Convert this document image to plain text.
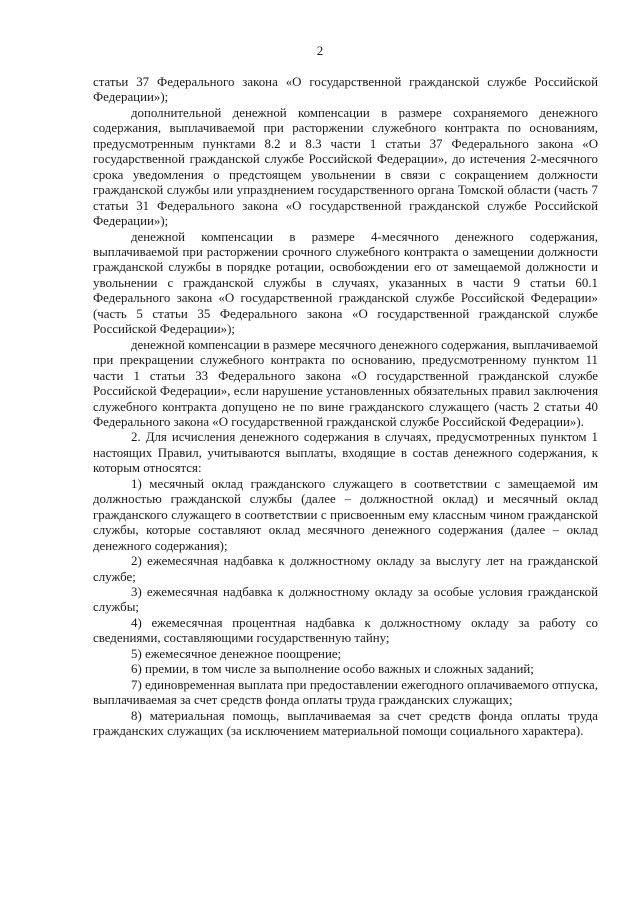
2

статьи 37 Федерального закона «О государственной гражданской службе Российской Федерации»);

дополнительной денежной компенсации в размере сохраняемого денежного содержания, выплачиваемой при расторжении служебного контракта по основаниям, предусмотренным пунктами 8.2 и 8.3 части 1 статьи 37 Федерального закона «О государственной гражданской службе Российской Федерации», до истечения 2-месячного срока уведомления о предстоящем увольнении в связи с сокращением должности гражданской службы или упразднением государственного органа Томской области (часть 7 статьи 31 Федерального закона «О государственной гражданской службе Российской Федерации»);

денежной компенсации в размере 4-месячного денежного содержания, выплачиваемой при расторжении срочного служебного контракта о замещении должности гражданской службы в порядке ротации, освобождении его от замещаемой должности и увольнении с гражданской службы в случаях, указанных в части 9 статьи 60.1 Федерального закона «О государственной гражданской службе Российской Федерации» (часть 5 статьи 35 Федерального закона «О государственной гражданской службе Российской Федерации»);

денежной компенсации в размере месячного денежного содержания, выплачиваемой при прекращении служебного контракта по основанию, предусмотренному пунктом 11 части 1 статьи 33 Федерального закона «О государственной гражданской службе Российской Федерации», если нарушение установленных обязательных правил заключения служебного контракта допущено не по вине гражданского служащего (часть 2 статьи 40 Федерального закона «О государственной гражданской службе Российской Федерации»).

2. Для исчисления денежного содержания в случаях, предусмотренных пунктом 1 настоящих Правил, учитываются выплаты, входящие в состав денежного содержания, к которым относятся:

1) месячный оклад гражданского служащего в соответствии с замещаемой им должностью гражданской службы (далее – должностной оклад) и месячный оклад гражданского служащего в соответствии с присвоенным ему классным чином гражданской службы, которые составляют оклад месячного денежного содержания (далее – оклад денежного содержания);

2) ежемесячная надбавка к должностному окладу за выслугу лет на гражданской службе;

3) ежемесячная надбавка к должностному окладу за особые условия гражданской службы;

4) ежемесячная процентная надбавка к должностному окладу за работу со сведениями, составляющими государственную тайну;

5) ежемесячное денежное поощрение;

6) премии, в том числе за выполнение особо важных и сложных заданий;

7) единовременная выплата при предоставлении ежегодного оплачиваемого отпуска, выплачиваемая за счет средств фонда оплаты труда гражданских служащих;

8) материальная помощь, выплачиваемая за счет средств фонда оплаты труда гражданских служащих (за исключением материальной помощи социального характера).
